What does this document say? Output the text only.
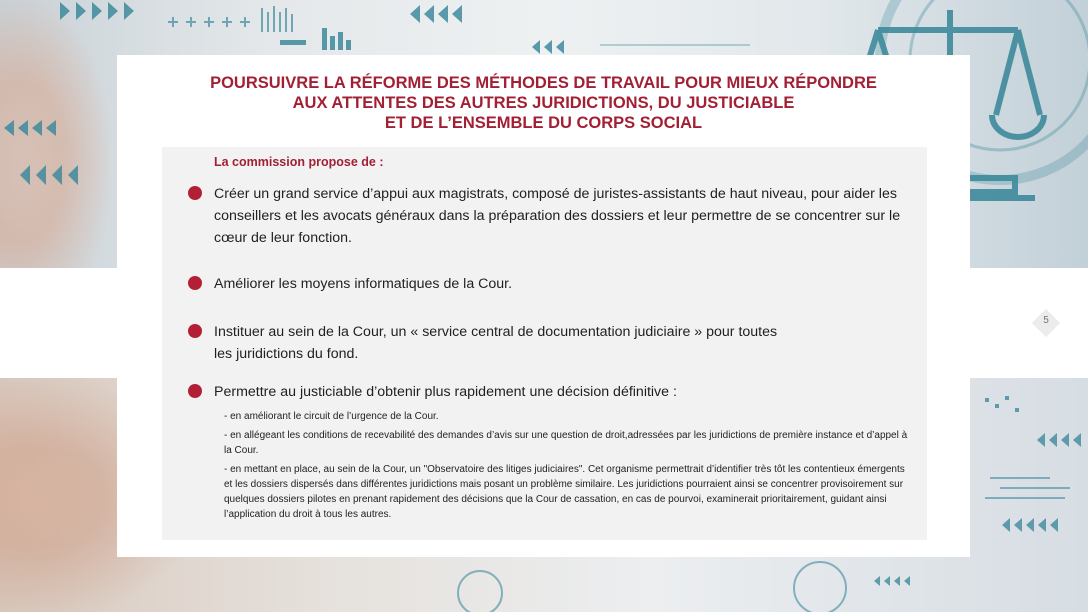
POURSUIVRE LA RÉFORME DES MÉTHODES DE TRAVAIL POUR MIEUX RÉPONDRE
AUX ATTENTES DES AUTRES JURIDICTIONS, DU JUSTICIABLE
ET DE L’ENSEMBLE DU CORPS SOCIAL

La commission propose de :

Créer un grand service d’appui aux magistrats, composé de juristes-assistants de haut niveau, pour aider les conseillers et les avocats généraux dans la préparation des dossiers et leur permettre de se concentrer sur le cœur de leur fonction.

Améliorer les moyens informatiques de la Cour.

Instituer au sein de la Cour, un « service central de documentation judiciaire » pour toutes les juridictions du fond.

Permettre au justiciable d’obtenir plus rapidement une décision définitive :

- en améliorant le circuit de l’urgence de la Cour.
- en allégeant les conditions de recevabilité des demandes d’avis sur une question de droit,adressées par les juridictions de première instance et d’appel à la Cour.
- en mettant en place, au sein de la Cour, un "Observatoire des litiges judiciaires". Cet organisme permettrait d’identifier très tôt les contentieux émergents et les dossiers dispersés dans différentes juridictions mais posant un problème similaire. Les juridictions pourraient ainsi se concentrer provisoirement sur quelques dossiers pilotes en prenant rapidement des décisions que la Cour de cassation, en cas de pourvoi, examinerait prioritairement, guidant ainsi l’application du droit à tous les autres.
5
